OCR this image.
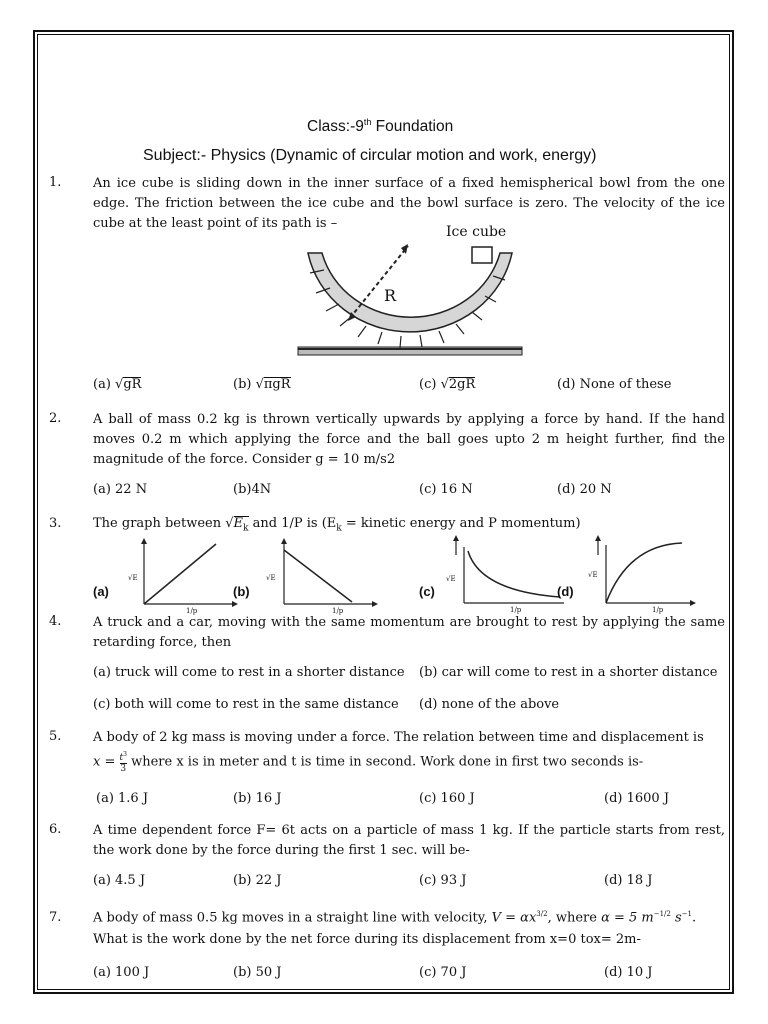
Class:-9th Foundation
Subject:- Physics (Dynamic of circular motion and work, energy)
1. An ice cube is sliding down in the inner surface of a fixed hemispherical bowl from the one edge. The friction between the ice cube and the bowl surface is zero. The velocity of the ice cube at the least point of its path is –
R
Ice cube
(a) √gR	(b) √πgR	(c) √2gR	(d) None of these
2. A ball of mass 0.2 kg is thrown vertically upwards by applying a force by hand. If the hand moves 0.2 m which applying the force and the ball goes upto 2 m height further, find the magnitude of the force. Consider g = 10 m/s2
(a) 22 N	(b)4N	(c) 16 N	(d) 20 N
3. The graph between $√E_k$ and 1/P is ($E_k$ = kinetic energy and P momentum)
(a)
√E
1/p
(b)
√E
1/p
(c)
√E
1/p
(d)
√E
1/p
4. A truck and a car, moving with the same momentum are brought to rest by applying the same retarding force, then
(a) truck will come to rest in a shorter distance (b) car will come to rest in a shorter distance
(c) both will come to rest in the same distance (d) none of the above
5. A body of 2 kg mass is moving under a force. The relation between time and displacement is
$x = \frac{t^3}{3}$ where x is in meter and t is time in second. Work done in first two seconds is-
(a) 1.6 J	(b) 16 J	(c) 160 J	(d) 1600 J
6. A time dependent force F= 6t acts on a particle of mass 1 kg. If the particle starts from rest, the work done by the force during the first 1 sec. will be-
(a) 4.5 J	(b) 22 J	(c) 93 J	(d) 18 J
7. A body of mass 0.5 kg moves in a straight line with velocity, $V = \alpha x^{3/2}$, where α = 5 $m^{-1/2}$ $s^{-1}$.
What is the work done by the net force during its displacement from x=0 tox= 2m-
(a) 100 J	(b) 50 J	(c) 70 J	(d) 10 J
